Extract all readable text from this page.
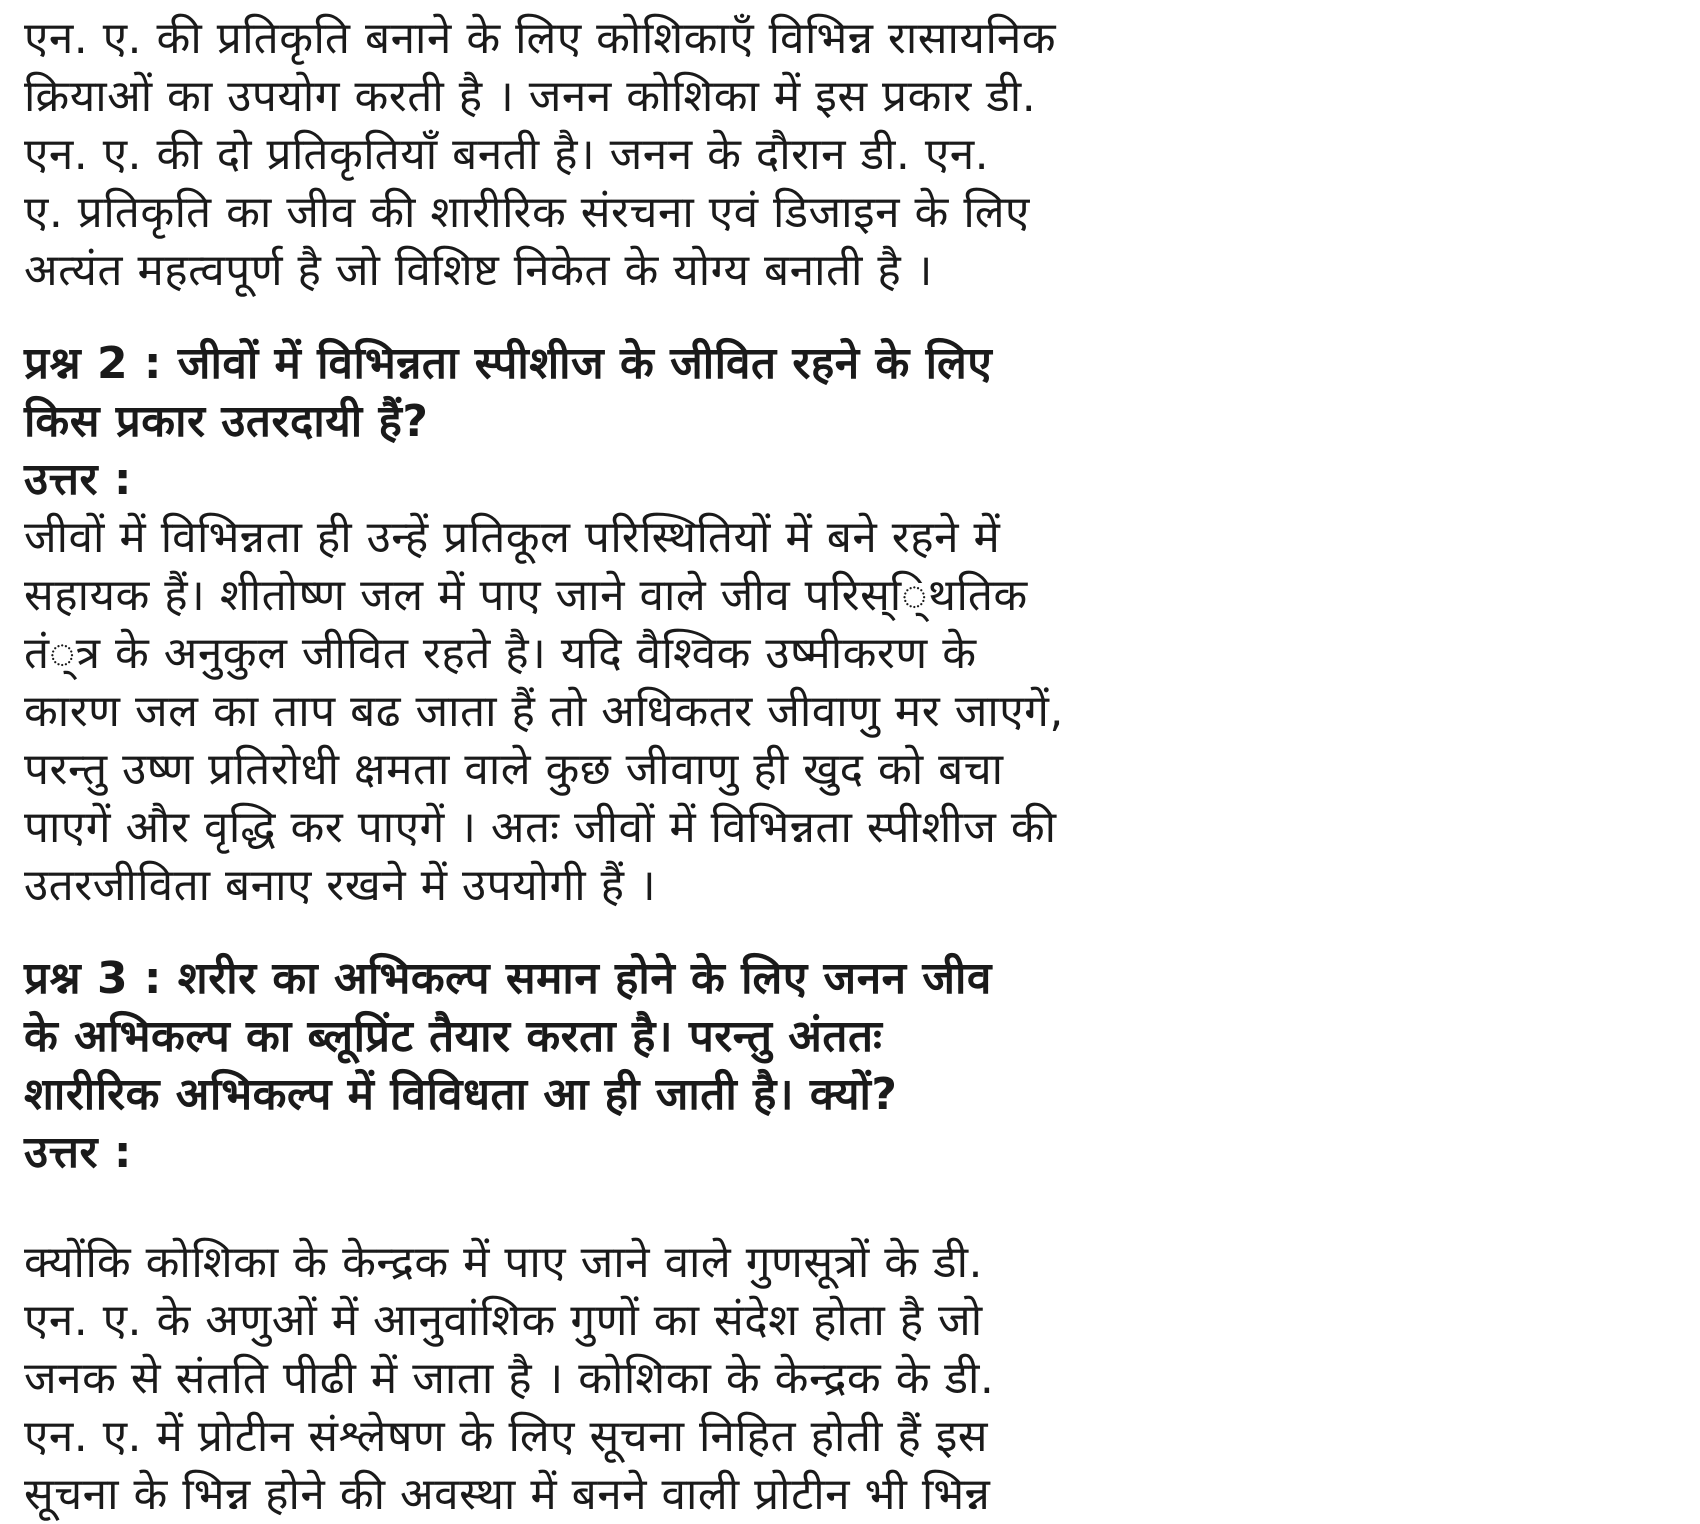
एन. ए. की प्रतिकृति बनाने के लिए कोशिकाएँ विभिन्न रासायनिक
क्रियाओं का उपयोग करती है । जनन कोशिका में इस प्रकार डी.
एन. ए. की दो प्रतिकृतियाँ बनती है। जनन के दौरान डी. एन.
ए. प्रतिकृति का जीव की शारीरिक संरचना एवं डिजाइन के लिए
अत्यंत महत्वपूर्ण है जो विशिष्ट निकेत के योग्य बनाती है ।
प्रश्न 2 : जीवों में विभिन्नता स्पीशीज के जीवित रहने के लिए
किस प्रकार उतरदायी हैं?
उत्तर :
जीवों में विभिन्नता ही उन्हें प्रतिकूल परिस्थितियों में बने रहने में
सहायक हैं। शीतोष्ण जल में पाए जाने वाले जीव परिस्ि्थतिक
तं्त्र के अनुकुल जीवित रहते है। यदि वैश्विक उष्मीकरण के
कारण जल का ताप बढ जाता हैं तो अधिकतर जीवाणु मर जाएगें,
परन्तु उष्ण प्रतिरोधी क्षमता वाले कुछ जीवाणु ही खुद को बचा
पाएगें और वृद्धि कर पाएगें । अतः जीवों में विभिन्नता स्पीशीज की
उतरजीविता बनाए रखने में उपयोगी हैं ।
प्रश्न 3 : शरीर का अभिकल्प समान होने के लिए जनन जीव
के अभिकल्प का ब्लूप्रिंट तैयार करता है। परन्तु अंततः
शारीरिक अभिकल्प में विविधता आ ही जाती है। क्यों?
उत्तर :
क्योंकि कोशिका के केन्द्रक में पाए जाने वाले गुणसूत्रों के डी.
एन. ए. के अणुओं में आनुवांशिक गुणों का संदेश होता है जो
जनक से संतति पीढी में जाता है । कोशिका के केन्द्रक के डी.
एन. ए. में प्रोटीन संश्लेषण के लिए सूचना निहित होती हैं इस
सूचना के भिन्न होने की अवस्था में बनने वाली प्रोटीन भी भिन्न
